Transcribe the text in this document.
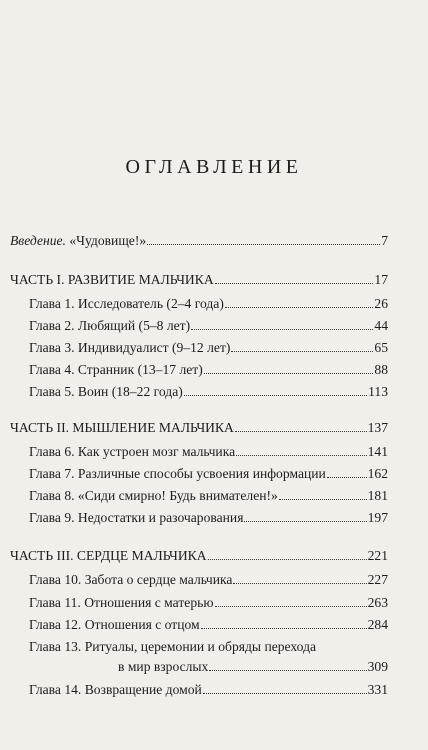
ОГЛАВЛЕНИЕ
Введение. «Чудовище!»	7
ЧАСТЬ I. РАЗВИТИЕ МАЛЬЧИКА	17
Глава 1. Исследователь (2–4 года)	26
Глава 2. Любящий (5–8 лет)	44
Глава 3. Индивидуалист (9–12 лет)	65
Глава 4. Странник (13–17 лет)	88
Глава 5. Воин (18–22 года)	113
ЧАСТЬ II. МЫШЛЕНИЕ МАЛЬЧИКА	137
Глава 6. Как устроен мозг мальчика	141
Глава 7. Различные способы усвоения информации	162
Глава 8. «Сиди смирно! Будь внимателен!»	181
Глава 9. Недостатки и разочарования	197
ЧАСТЬ III. СЕРДЦЕ МАЛЬЧИКА	221
Глава 10. Забота о сердце мальчика	227
Глава 11. Отношения с матерью	263
Глава 12. Отношения с отцом	284
Глава 13. Ритуалы, церемонии и обряды перехода
в мир взрослых	309
Глава 14. Возвращение домой	331
